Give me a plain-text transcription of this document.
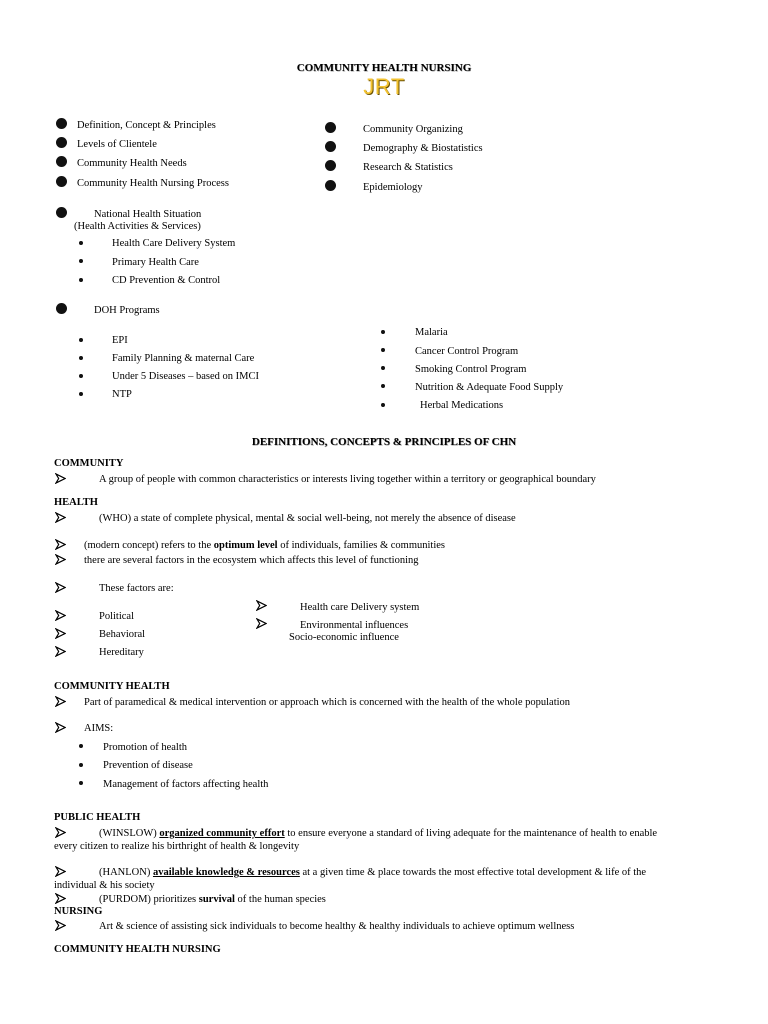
COMMUNITY HEALTH NURSING
JRT
Definition, Concept & Principles
Levels of Clientele
Community Health Needs
Community Health Nursing Process
Community Organizing
Demography & Biostatistics
Research & Statistics
Epidemiology
National Health Situation
(Health Activities & Services)
Health Care Delivery System
Primary Health Care
CD Prevention & Control
DOH Programs
EPI
Family Planning & maternal Care
Under 5 Diseases – based on IMCI
NTP
Malaria
Cancer Control Program
Smoking Control Program
Nutrition & Adequate Food Supply
Herbal Medications
DEFINITIONS, CONCEPTS & PRINCIPLES OF CHN
COMMUNITY
A group of people with common characteristics or interests living together within a territory or geographical boundary
HEALTH
(WHO) a state of complete physical, mental & social well-being, not merely the absence of disease
(modern concept) refers to the optimum level of individuals, families & communities
there are several factors in the ecosystem which affects this level of functioning
These factors are:
Political
Behavioral
Hereditary
Health care Delivery system
Environmental influences
Socio-economic influence
COMMUNITY HEALTH
Part of paramedical & medical intervention or approach which is concerned with the health of the whole population
AIMS:
Promotion of health
Prevention of disease
Management of factors affecting health
PUBLIC HEALTH
(WINSLOW) organized community effort to ensure everyone a standard of living adequate for the maintenance of health to enable
every citizen to realize his birthright of health & longevity
(HANLON) available knowledge & resources at a given time & place towards the most effective total development & life of the
individual & his society
(PURDOM) prioritizes survival of the human species
NURSING
Art & science of assisting sick individuals to become healthy & healthy individuals to achieve optimum wellness
COMMUNITY HEALTH NURSING
